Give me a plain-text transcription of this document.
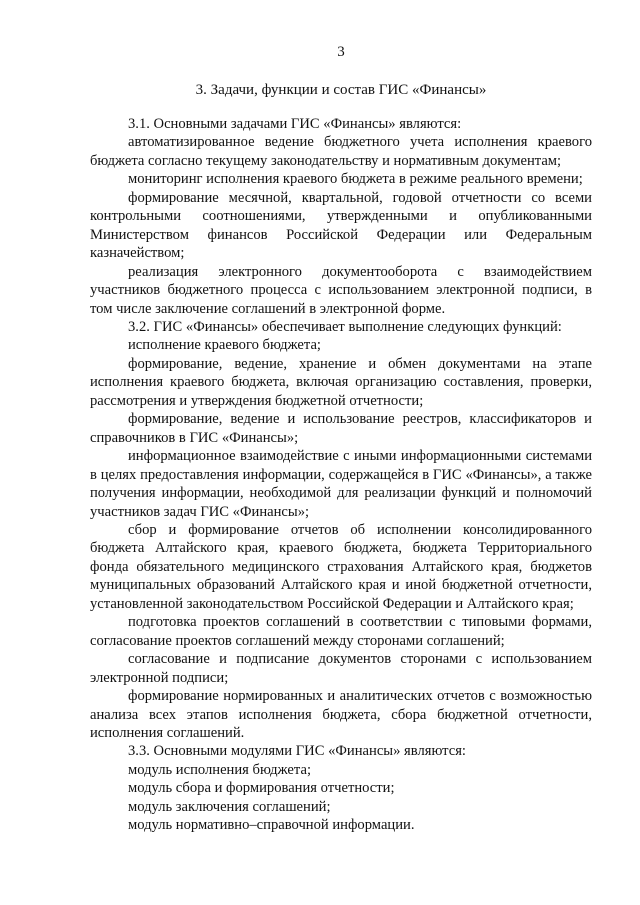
3
3. Задачи, функции и состав ГИС «Финансы»

3.1. Основными задачами ГИС «Финансы» являются:

автоматизированное ведение бюджетного учета исполнения краевого бюджета согласно текущему законодательству и нормативным документам;

мониторинг исполнения краевого бюджета в режиме реального времени;

формирование месячной, квартальной, годовой отчетности со всеми контрольными соотношениями, утвержденными и опубликованными Министерством финансов Российской Федерации или Федеральным казначейством;

реализация электронного документооборота с взаимодействием участников бюджетного процесса с использованием электронной подписи, в том числе заключение соглашений в электронной форме.

3.2. ГИС «Финансы» обеспечивает выполнение следующих функций:

исполнение краевого бюджета;

формирование, ведение, хранение и обмен документами на этапе исполнения краевого бюджета, включая организацию составления, проверки, рассмотрения и утверждения бюджетной отчетности;

формирование, ведение и использование реестров, классификаторов и справочников в ГИС «Финансы»;

информационное взаимодействие с иными информационными системами в целях предоставления информации, содержащейся в ГИС «Финансы», а также получения информации, необходимой для реализации функций и полномочий участников задач ГИС «Финансы»;

сбор и формирование отчетов об исполнении консолидированного бюджета Алтайского края, краевого бюджета, бюджета Территориального фонда обязательного медицинского страхования Алтайского края, бюджетов муниципальных образований Алтайского края и иной бюджетной отчетности, установленной законодательством Российской Федерации и Алтайского края;

подготовка проектов соглашений в соответствии с типовыми формами, согласование проектов соглашений между сторонами соглашений;

согласование и подписание документов сторонами с использованием электронной подписи;

формирование нормированных и аналитических отчетов с возможностью анализа всех этапов исполнения бюджета, сбора бюджетной отчетности, исполнения соглашений.

3.3. Основными модулями ГИС «Финансы» являются:

модуль исполнения бюджета;

модуль сбора и формирования отчетности;

модуль заключения соглашений;

модуль нормативно–справочной информации.
